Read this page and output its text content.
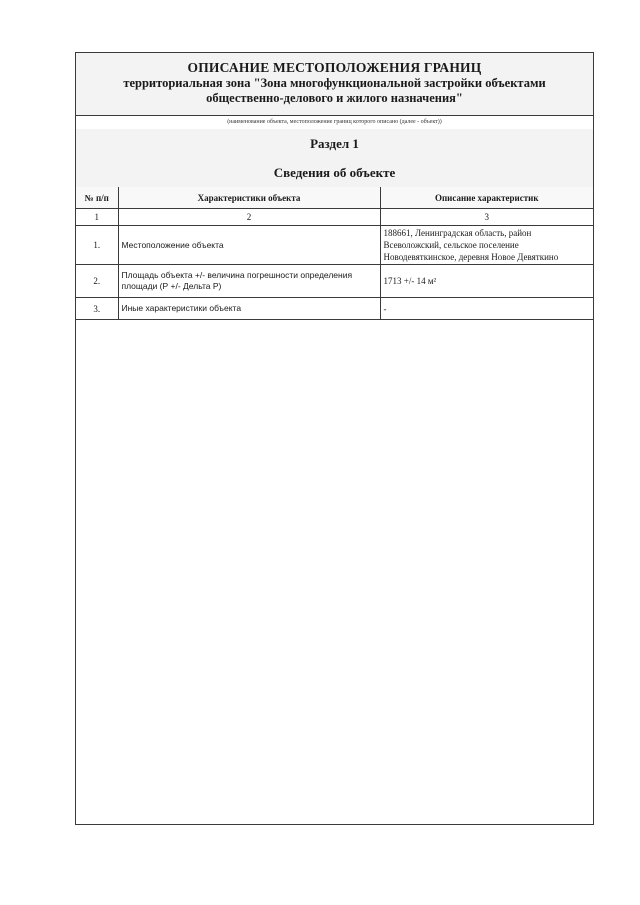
ОПИСАНИЕ МЕСТОПОЛОЖЕНИЯ ГРАНИЦ
территориальная зона "Зона многофункциональной застройки объектами общественно-делового и жилого назначения"
(наименование объекта, местоположение границ которого описано (далее - объект))
Раздел 1
Сведения об объекте
№ п/п	Характеристики объекта	Описание характеристик
1	2	3
1.	Местоположение объекта	188661, Ленинградская область, район Всеволожский, сельское поселение Новодевяткинское, деревня Новое Девяткино
2.	Площадь объекта +/- величина погрешности определения площади (Р +/- Дельта Р)	1713 +/- 14 м²
3.	Иные характеристики объекта	-
